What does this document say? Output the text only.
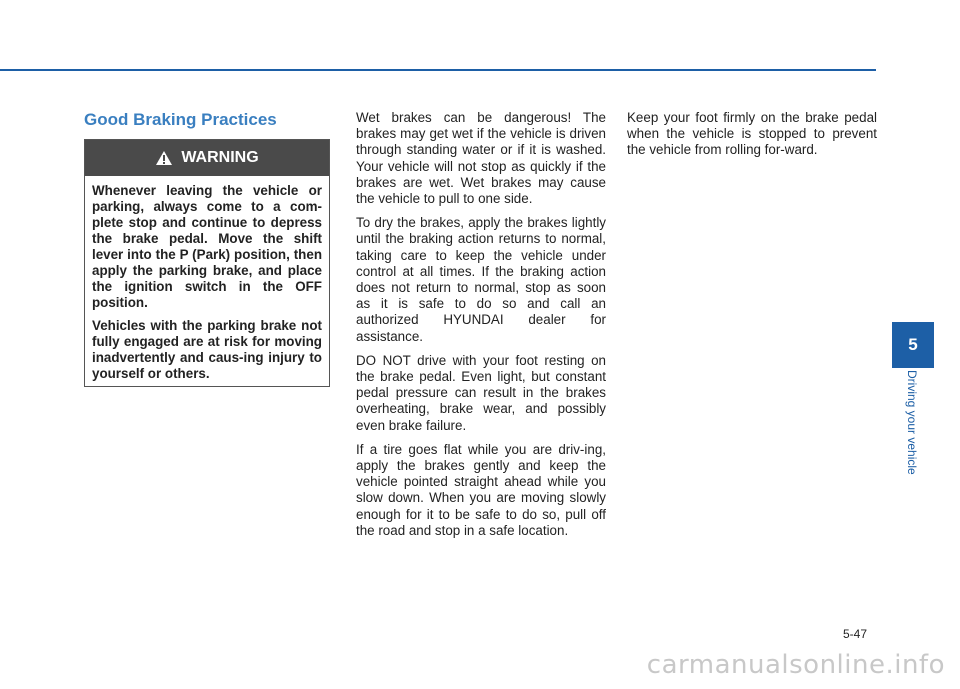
Good Braking Practices
WARNING

Whenever leaving the vehicle or parking, always come to a com-plete stop and continue to depress the brake pedal. Move the shift lever into the P (Park) position, then apply the parking brake, and place the ignition switch in the OFF position.

Vehicles with the parking brake not fully engaged are at risk for moving inadvertently and caus-ing injury to yourself or others.

Wet brakes can be dangerous! The brakes may get wet if the vehicle is driven through standing water or if it is washed. Your vehicle will not stop as quickly if the brakes are wet. Wet brakes may cause the vehicle to pull to one side.

To dry the brakes, apply the brakes lightly until the braking action returns to normal, taking care to keep the vehicle under control at all times. If the braking action does not return to normal, stop as soon as it is safe to do so and call an authorized HYUNDAI dealer for assistance.

DO NOT drive with your foot resting on the brake pedal. Even light, but constant pedal pressure can result in the brakes overheating, brake wear, and possibly even brake failure.

If a tire goes flat while you are driv-ing, apply the brakes gently and keep the vehicle pointed straight ahead while you slow down. When you are moving slowly enough for it to be safe to do so, pull off the road and stop in a safe location.

Keep your foot firmly on the brake pedal when the vehicle is stopped to prevent the vehicle from rolling for-ward.

5
Driving your vehicle
5-47
carmanualsonline.info
